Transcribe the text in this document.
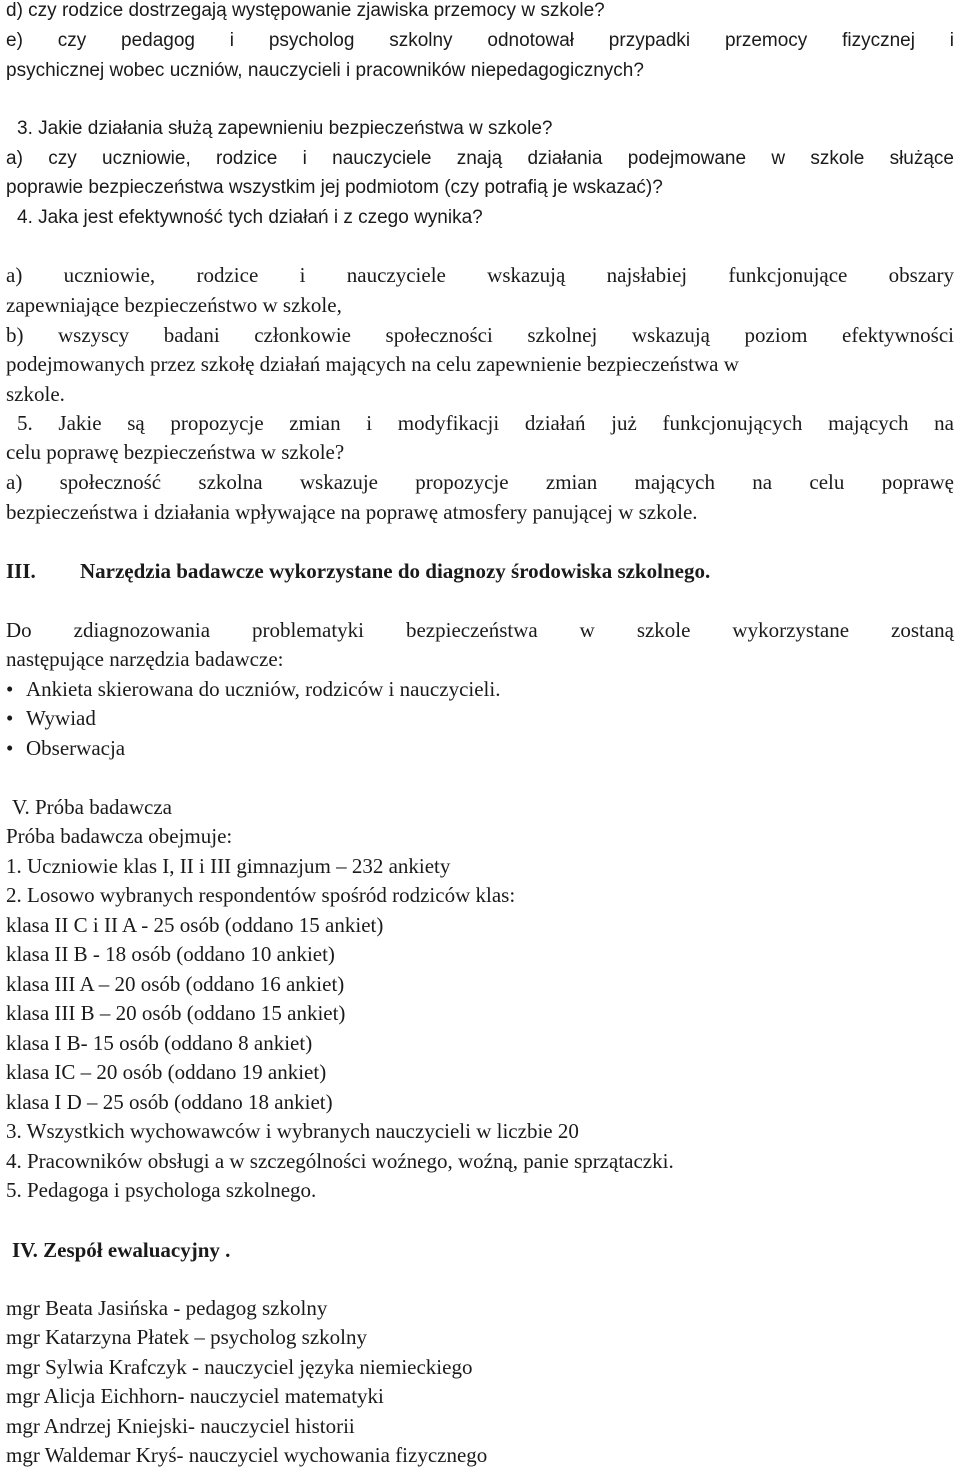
d) czy rodzice dostrzegają występowanie zjawiska przemocy w szkole?
e) czy pedagog i psycholog szkolny odnotował przypadki przemocy fizycznej i
psychicznej wobec uczniów, nauczycieli i pracowników niepedagogicznych?
3. Jakie działania służą zapewnieniu bezpieczeństwa w szkole?
a) czy uczniowie, rodzice i nauczyciele znają działania podejmowane w szkole służące
poprawie bezpieczeństwa wszystkim jej podmiotom (czy potrafią je wskazać)?
4. Jaka jest efektywność tych działań i z czego wynika?
a) uczniowie, rodzice i nauczyciele wskazują najsłabiej funkcjonujące obszary
zapewniające bezpieczeństwo w szkole,
b) wszyscy badani członkowie społeczności szkolnej wskazują poziom efektywności
podejmowanych przez szkołę działań mających na celu zapewnienie bezpieczeństwa w
szkole.
5. Jakie są propozycje zmian i modyfikacji działań już funkcjonujących mających na
celu poprawę bezpieczeństwa w szkole?
a) społeczność szkolna wskazuje propozycje zmian mających na celu poprawę
bezpieczeństwa i działania wpływające na poprawę atmosfery panującej w szkole.
III. Narzędzia badawcze wykorzystane do diagnozy środowiska szkolnego.
Do zdiagnozowania problematyki bezpieczeństwa w szkole wykorzystane zostaną
następujące narzędzia badawcze:
• Ankieta skierowana do uczniów, rodziców i nauczycieli.
• Wywiad
• Obserwacja
V. Próba badawcza
Próba badawcza obejmuje:
1. Uczniowie klas I, II i III gimnazjum – 232 ankiety
2. Losowo wybranych respondentów spośród rodziców klas:
klasa II C i II A - 25 osób (oddano 15 ankiet)
klasa II B - 18 osób (oddano 10 ankiet)
klasa III A – 20 osób (oddano 16 ankiet)
klasa III B – 20 osób (oddano 15 ankiet)
klasa I B- 15 osób (oddano 8 ankiet)
klasa IC – 20 osób (oddano 19 ankiet)
klasa I D – 25 osób (oddano 18 ankiet)
3. Wszystkich wychowawców i wybranych nauczycieli w liczbie 20
4. Pracowników obsługi a w szczególności woźnego, woźną, panie sprzątaczki.
5. Pedagoga i psychologa szkolnego.
IV. Zespół ewaluacyjny .
mgr Beata Jasińska - pedagog szkolny
mgr Katarzyna Płatek – psycholog szkolny
mgr Sylwia Krafczyk - nauczyciel języka niemieckiego
mgr Alicja Eichhorn- nauczyciel matematyki
mgr Andrzej Kniejski- nauczyciel historii
mgr Waldemar Kryś- nauczyciel wychowania fizycznego
